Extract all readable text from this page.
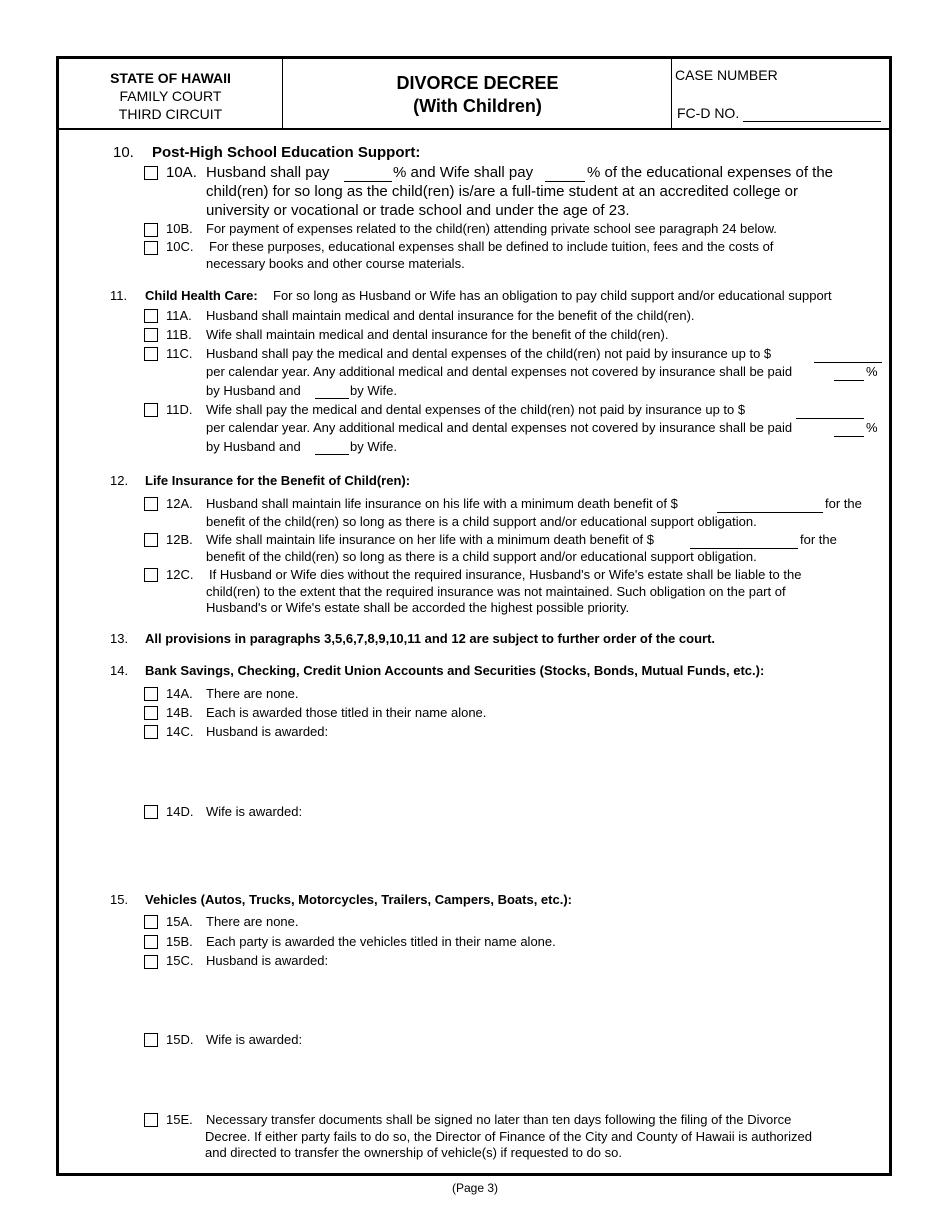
STATE OF HAWAII
FAMILY COURT
THIRD CIRCUIT
DIVORCE DECREE
(With Children)
CASE NUMBER
FC-D NO.
10. Post-High School Education Support:
10A. Husband shall pay	% and Wife shall pay	% of the educational expenses of the
child(ren) for so long as the child(ren) is/are a full-time student at an accredited college or
university or vocational or trade school and under the age of 23.
10B. For payment of expenses related to the child(ren) attending private school see paragraph 24 below.
10C. For these purposes, educational expenses shall be defined to include tuition, fees and the costs of
necessary books and other course materials.
11. Child Health Care: For so long as Husband or Wife has an obligation to pay child support and/or educational support
11A. Husband shall maintain medical and dental insurance for the benefit of the child(ren).
11B. Wife shall maintain medical and dental insurance for the benefit of the child(ren).
11C. Husband shall pay the medical and dental expenses of the child(ren) not paid by insurance up to $
per calendar year. Any additional medical and dental expenses not covered by insurance shall be paid	%
by Husband and	by Wife.
11D. Wife shall pay the medical and dental expenses of the child(ren) not paid by insurance up to $
per calendar year. Any additional medical and dental expenses not covered by insurance shall be paid	%
by Husband and	by Wife.
12. Life Insurance for the Benefit of Child(ren):
12A. Husband shall maintain life insurance on his life with a minimum death benefit of $	for the
benefit of the child(ren) so long as there is a child support and/or educational support obligation.
12B. Wife shall maintain life insurance on her life with a minimum death benefit of $	for the
benefit of the child(ren) so long as there is a child support and/or educational support obligation.
12C. If Husband or Wife dies without the required insurance, Husband's or Wife's estate shall be liable to the
child(ren) to the extent that the required insurance was not maintained. Such obligation on the part of
Husband's or Wife's estate shall be accorded the highest possible priority.
13. All provisions in paragraphs 3,5,6,7,8,9,10,11 and 12 are subject to further order of the court.
14. Bank Savings, Checking, Credit Union Accounts and Securities (Stocks, Bonds, Mutual Funds, etc.):
14A. There are none.
14B. Each is awarded those titled in their name alone.
14C. Husband is awarded:
14D. Wife is awarded:
15. Vehicles (Autos, Trucks, Motorcycles, Trailers, Campers, Boats, etc.):
15A. There are none.
15B. Each party is awarded the vehicles titled in their name alone.
15C. Husband is awarded:
15D. Wife is awarded:
15E. Necessary transfer documents shall be signed no later than ten days following the filing of the Divorce
Decree. If either party fails to do so, the Director of Finance of the City and County of Hawaii is authorized
and directed to transfer the ownership of vehicle(s) if requested to do so.
(Page 3)
